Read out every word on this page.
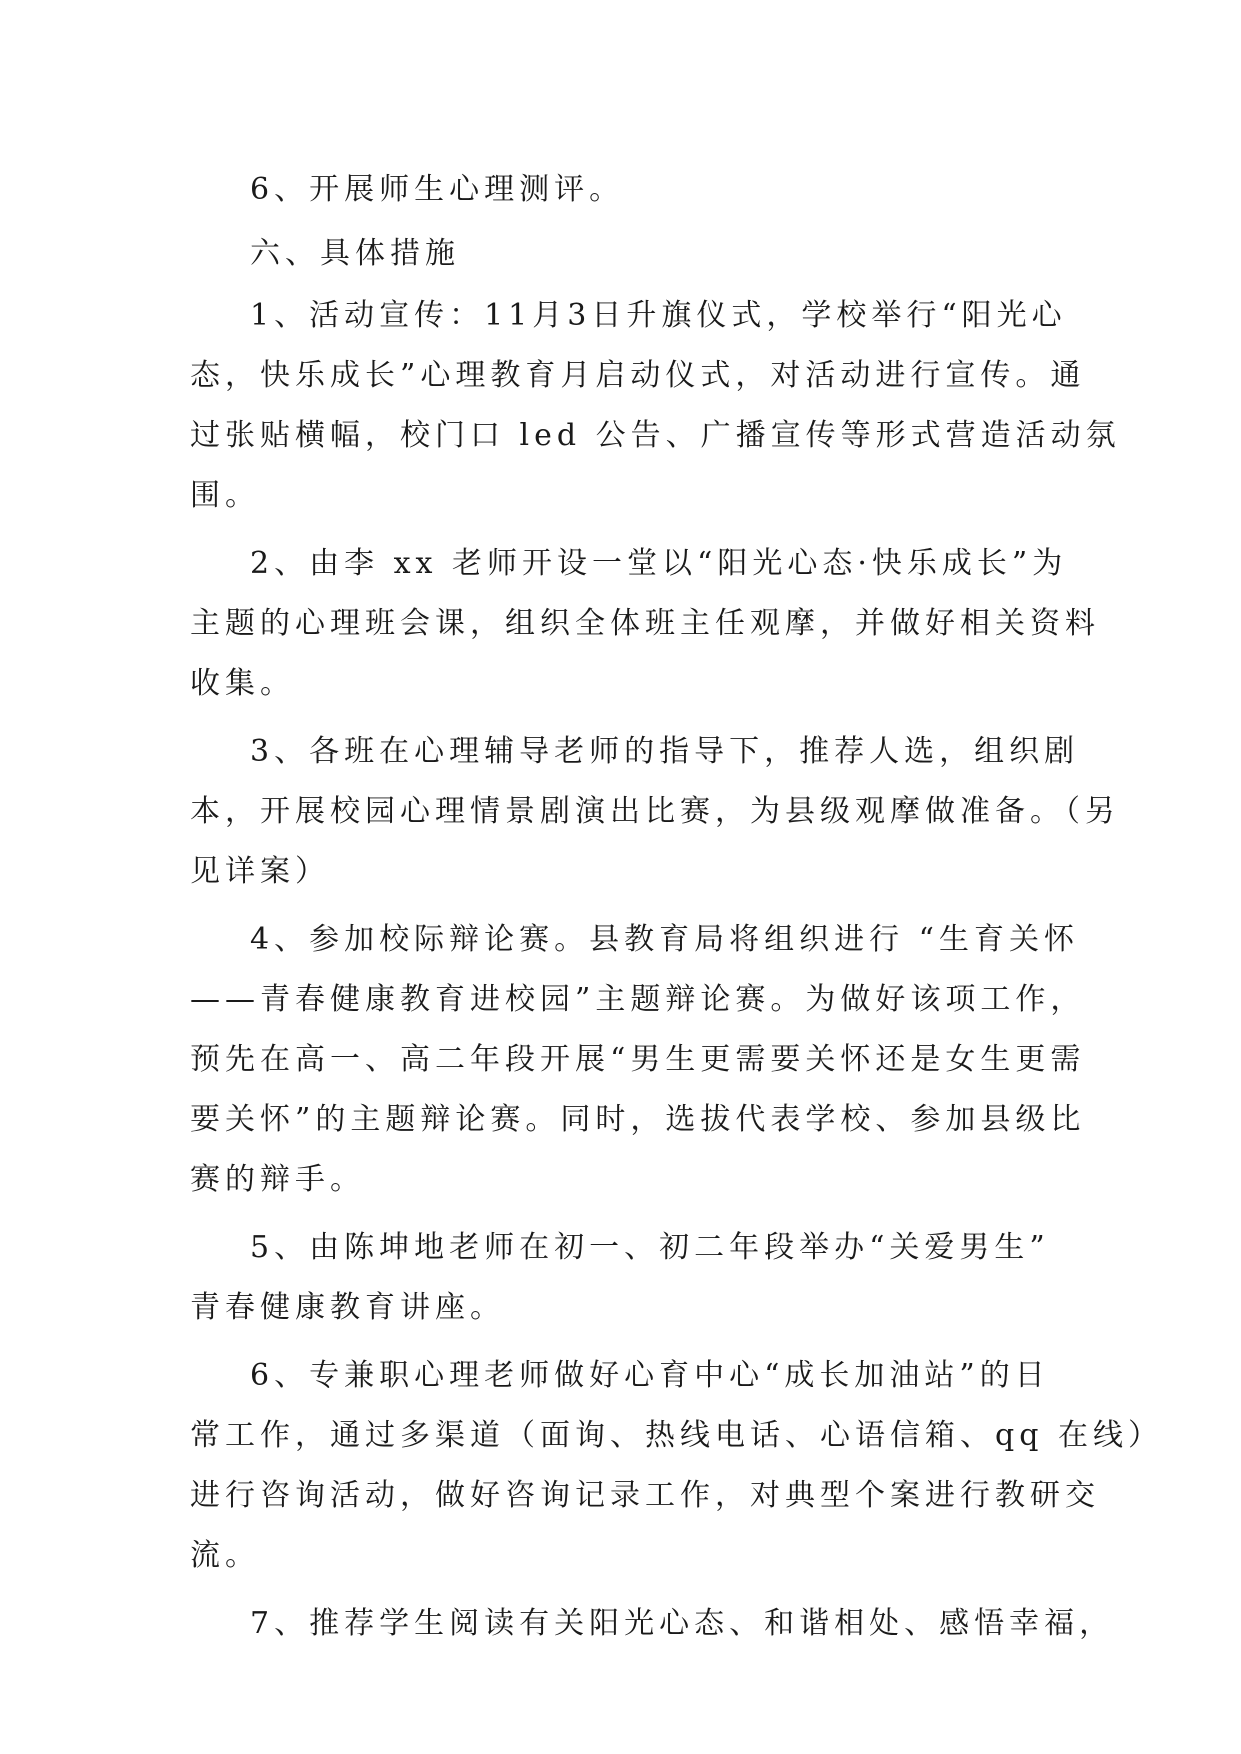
6、开展师生心理测评。
六、具体措施
1、活动宣传：11月3日升旗仪式，学校举行“阳光心
态，快乐成长”心理教育月启动仪式，对活动进行宣传。通
过张贴横幅，校门口 led 公告、广播宣传等形式营造活动氛
围。
2、由李 xx 老师开设一堂以“阳光心态·快乐成长”为
主题的心理班会课，组织全体班主任观摩，并做好相关资料
收集。
3、各班在心理辅导老师的指导下，推荐人选，组织剧
本，开展校园心理情景剧演出比赛，为县级观摩做准备。（另
见详案）
4、参加校际辩论赛。县教育局将组织进行 “生育关怀
——青春健康教育进校园”主题辩论赛。为做好该项工作，
预先在高一、高二年段开展“男生更需要关怀还是女生更需
要关怀”的主题辩论赛。同时，选拔代表学校、参加县级比
赛的辩手。
5、由陈坤地老师在初一、初二年段举办“关爱男生”
青春健康教育讲座。
6、专兼职心理老师做好心育中心“成长加油站”的日
常工作，通过多渠道（面询、热线电话、心语信箱、qq 在线）
进行咨询活动，做好咨询记录工作，对典型个案进行教研交
流。
7、推荐学生阅读有关阳光心态、和谐相处、感悟幸福，
